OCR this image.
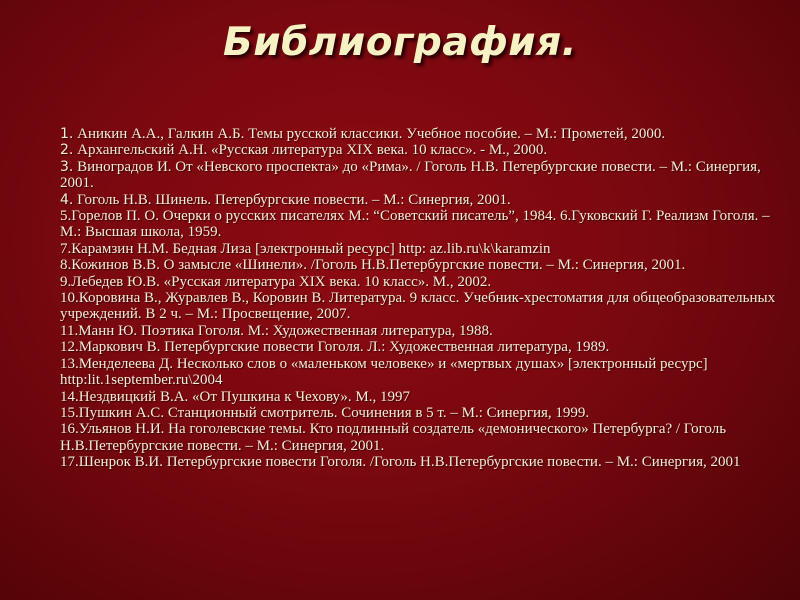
Библиография.
1. Аникин А.А., Галкин А.Б. Темы русской классики. Учебное пособие. – М.: Прометей, 2000.
2. Архангельский А.Н. «Русская литература XIX века. 10 класс». - М., 2000.
3. Виноградов И. От «Невского проспекта» до «Рима». / Гоголь Н.В. Петербургские повести. – М.: Синергия, 2001.
4. Гоголь Н.В. Шинель. Петербургские повести. – М.: Синергия, 2001.
5.Горелов П. О. Очерки о русских писателях М.: “Советский писатель”, 1984. 6.Гуковский Г. Реализм Гоголя. – М.: Высшая школа, 1959.
7.Карамзин Н.М. Бедная Лиза [электронный ресурс] http: az.lib.ru\k\karamzin
8.Кожинов В.В. О замысле «Шинели». /Гоголь Н.В.Петербургские повести. – М.: Синергия, 2001.
9.Лебедев Ю.В. «Русская литература XIX века. 10 класс». М., 2002.
10.Коровина В., Журавлев В., Коровин В. Литература. 9 класс. Учебник-хрестоматия для общеобразовательных учреждений. В 2 ч. – М.: Просвещение, 2007.
11.Манн Ю. Поэтика Гоголя. М.: Художественная литература, 1988.
12.Маркович В. Петербургские повести Гоголя. Л.: Художественная литература, 1989.
13.Менделеева Д. Несколько слов о «маленьком человеке» и «мертвых душах» [электронный ресурс] http:lit.1september.ru\2004
14.Нездвицкий В.А. «От Пушкина к Чехову». М., 1997
15.Пушкин А.С. Станционный смотритель. Сочинения в 5 т. – М.: Синергия, 1999.
16.Ульянов Н.И. На гоголевские темы. Кто подлинный создатель «демонического» Петербурга? / Гоголь Н.В.Петербургские повести. – М.: Синергия, 2001.
17.Шенрок В.И. Петербургские повести Гоголя. /Гоголь Н.В.Петербургские повести. – М.: Синергия, 2001
